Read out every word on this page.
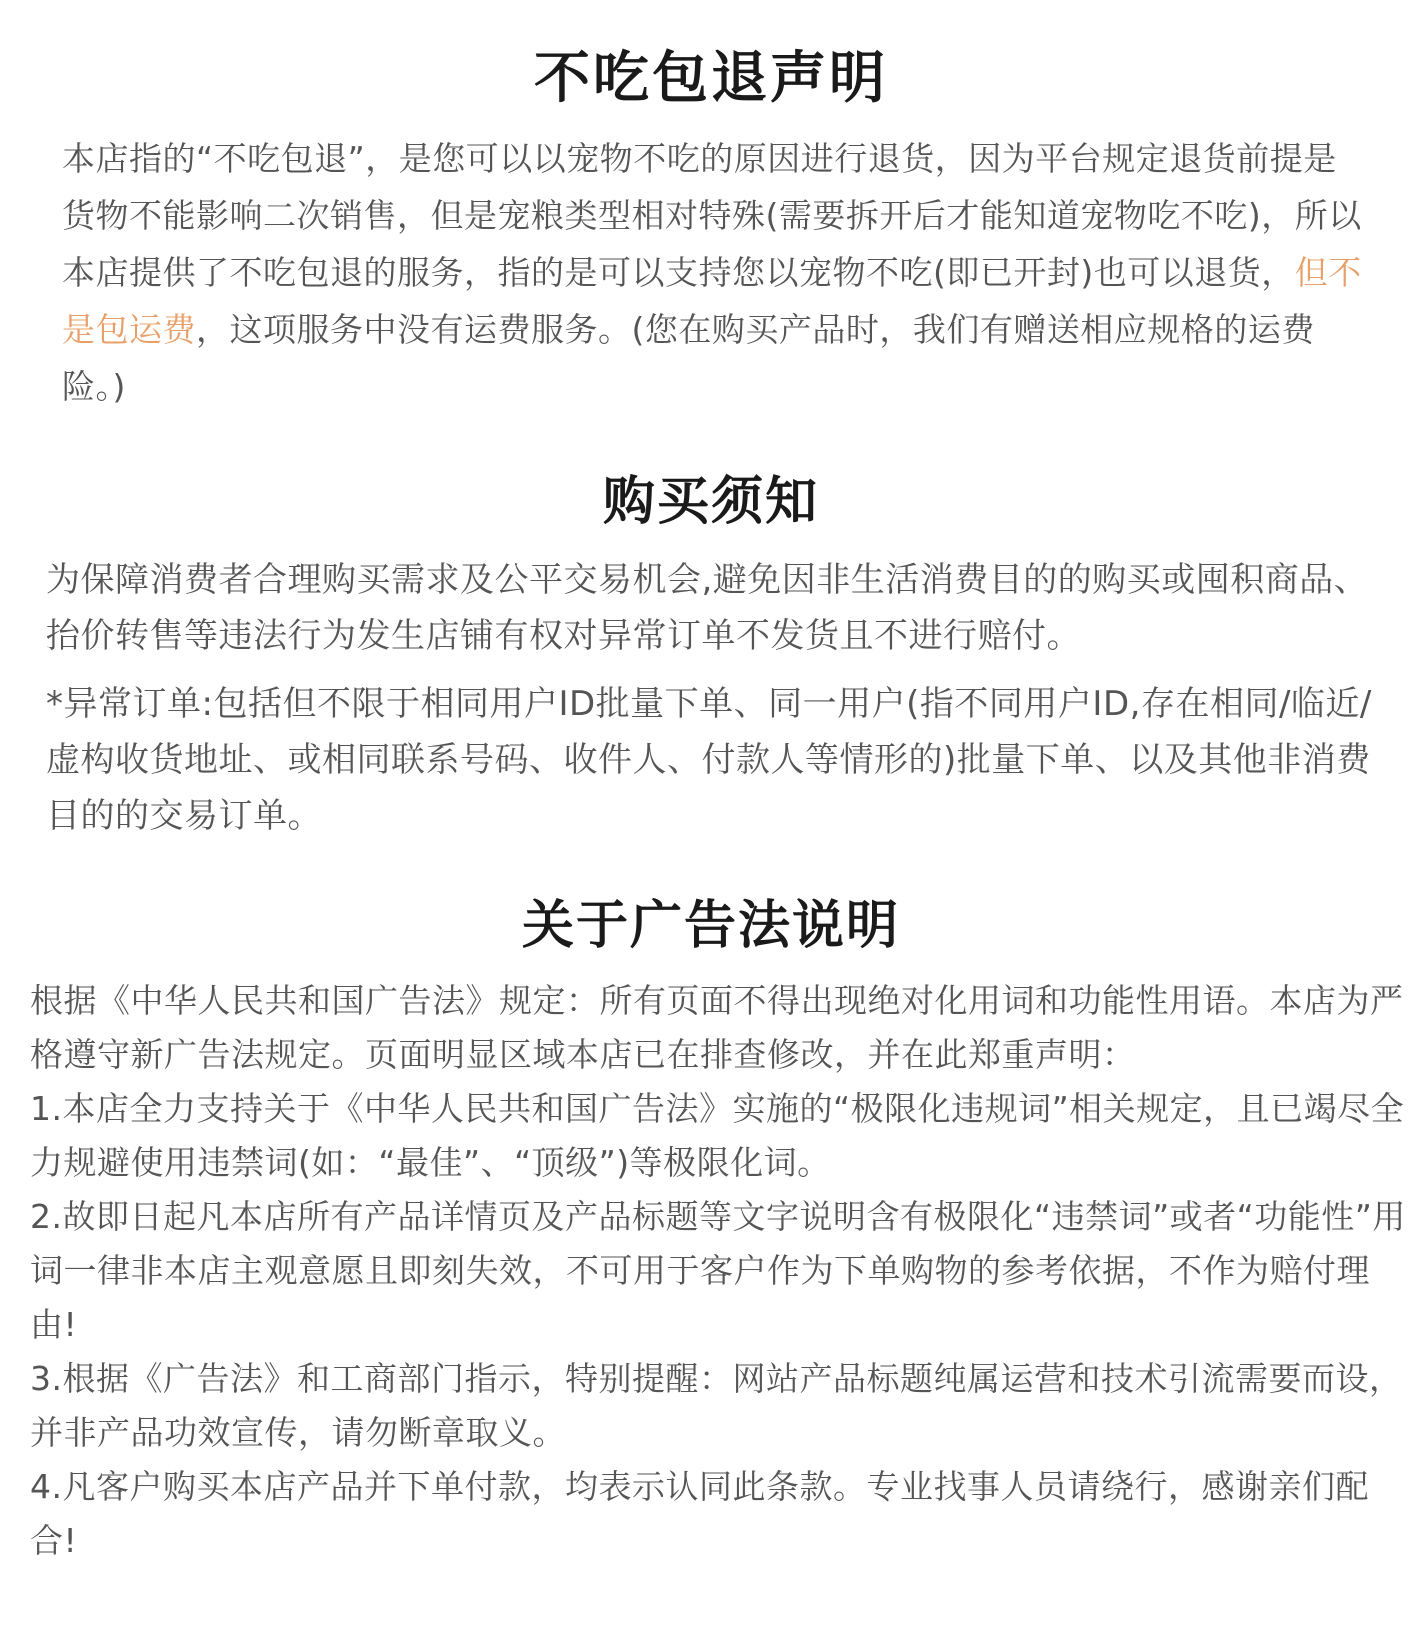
不吃包退声明

本店指的“不吃包退”，是您可以以宠物不吃的原因进行退货，因为平台规定退货前提是货物不能影响二次销售，但是宠粮类型相对特殊(需要拆开后才能知道宠物吃不吃)，所以本店提供了不吃包退的服务，指的是可以支持您以宠物不吃(即已开封)也可以退货，但不是包运费，这项服务中没有运费服务。(您在购买产品时，我们有赠送相应规格的运费险。)

购买须知

为保障消费者合理购买需求及公平交易机会,避免因非生活消费目的的购买或囤积商品、抬价转售等违法行为发生店铺有权对异常订单不发货且不进行赔付。

*异常订单:包括但不限于相同用户ID批量下单、同一用户(指不同用户ID,存在相同/临近/虚构收货地址、或相同联系号码、收件人、付款人等情形的)批量下单、以及其他非消费目的的交易订单。

关于广告法说明
根据《中华人民共和国广告法》规定：所有页面不得出现绝对化用词和功能性用语。本店为严格遵守新广告法规定。页面明显区域本店已在排查修改，并在此郑重声明：
1.本店全力支持关于《中华人民共和国广告法》实施的“极限化违规词”相关规定，且已竭尽全力规避使用违禁词(如：“最佳”、“顶级”)等极限化词。
2.故即日起凡本店所有产品详情页及产品标题等文字说明含有极限化“违禁词”或者“功能性”用词一律非本店主观意愿且即刻失效，不可用于客户作为下单购物的参考依据，不作为赔付理由!
3.根据《广告法》和工商部门指示，特别提醒：网站产品标题纯属运营和技术引流需要而设，并非产品功效宣传，请勿断章取义。
4.凡客户购买本店产品并下单付款，均表示认同此条款。专业找事人员请绕行，感谢亲们配合!
